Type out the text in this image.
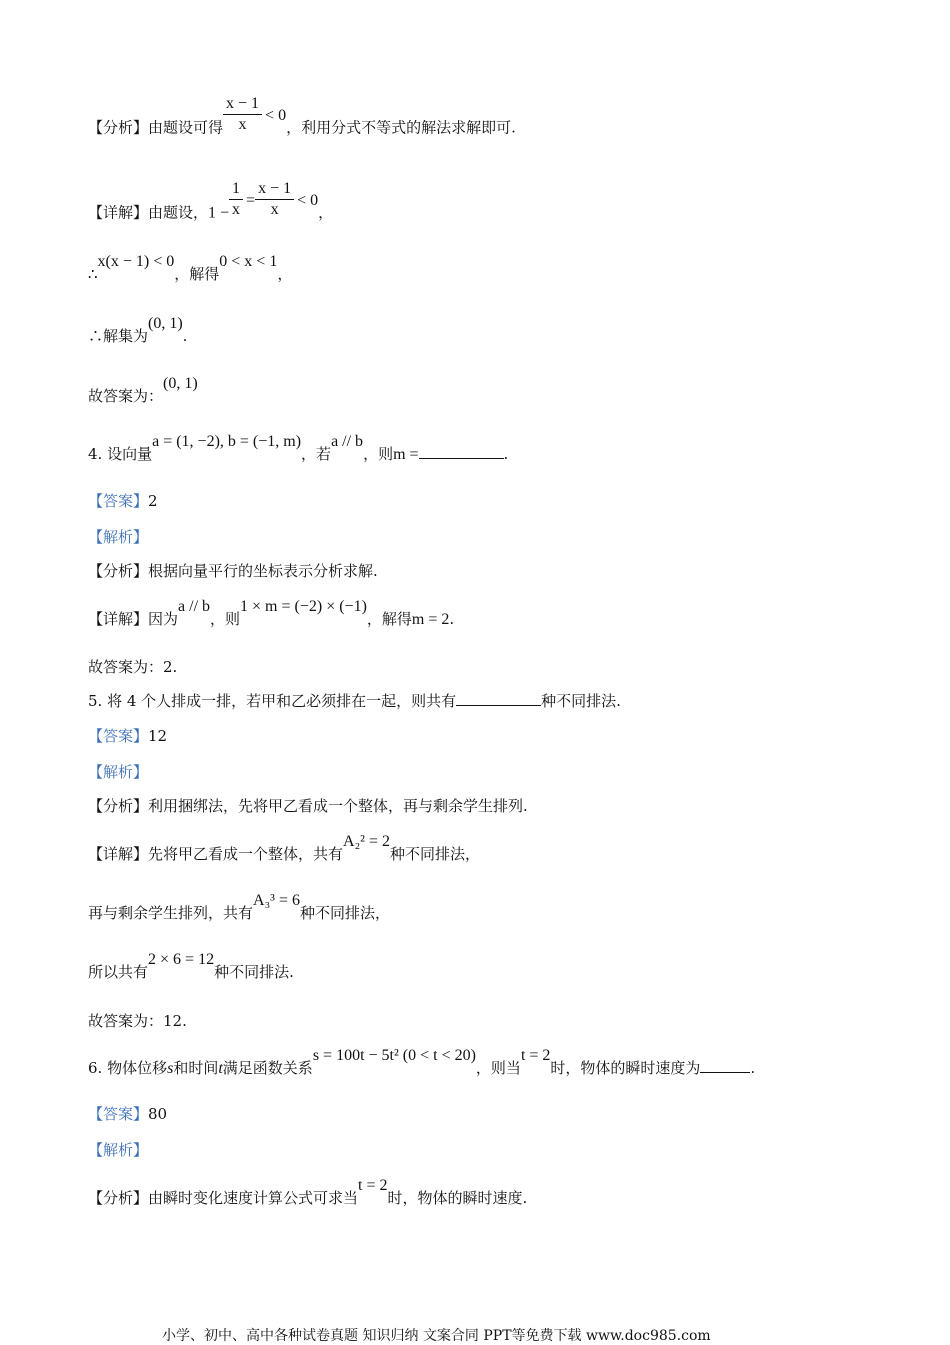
【分析】由题设可得 $\frac{x - 1}{x} < 0$，利用分式不等式的解法求解即可.
【详解】由题设，$1 - \frac{1}{x} = \frac{x - 1}{x} < 0$，
∴x(x − 1) < 0，解得0 < x < 1，
∴解集为(0, 1).
故答案为：(0, 1)
4. 设向量a = (1, −2), b = (−1, m)，若a // b，则m =	.
【答案】2
【解析】
【分析】根据向量平行的坐标表示分析求解.
【详解】因为a // b，则1 × m = (−2) × (−1)，解得m = 2.
故答案为：2.
5. 将 4 个人排成一排，若甲和乙必须排在一起，则共有	种不同排法.
【答案】12
【解析】
【分析】利用捆绑法，先将甲乙看成一个整体，再与剩余学生排列.
【详解】先将甲乙看成一个整体，共有A₂² = 2种不同排法，
再与剩余学生排列，共有A₃³ = 6种不同排法，
所以共有2 × 6 = 12种不同排法.
故答案为：12.
6. 物体位移s和时间t满足函数关系s = 100t − 5t² (0 < t < 20)，则当t = 2时，物体的瞬时速度为	.
【答案】80
【解析】
【分析】由瞬时变化速度计算公式可求当t = 2时，物体的瞬时速度.
小学、初中、高中各种试卷真题 知识归纳 文案合同 PPT等免费下载 www.doc985.com
